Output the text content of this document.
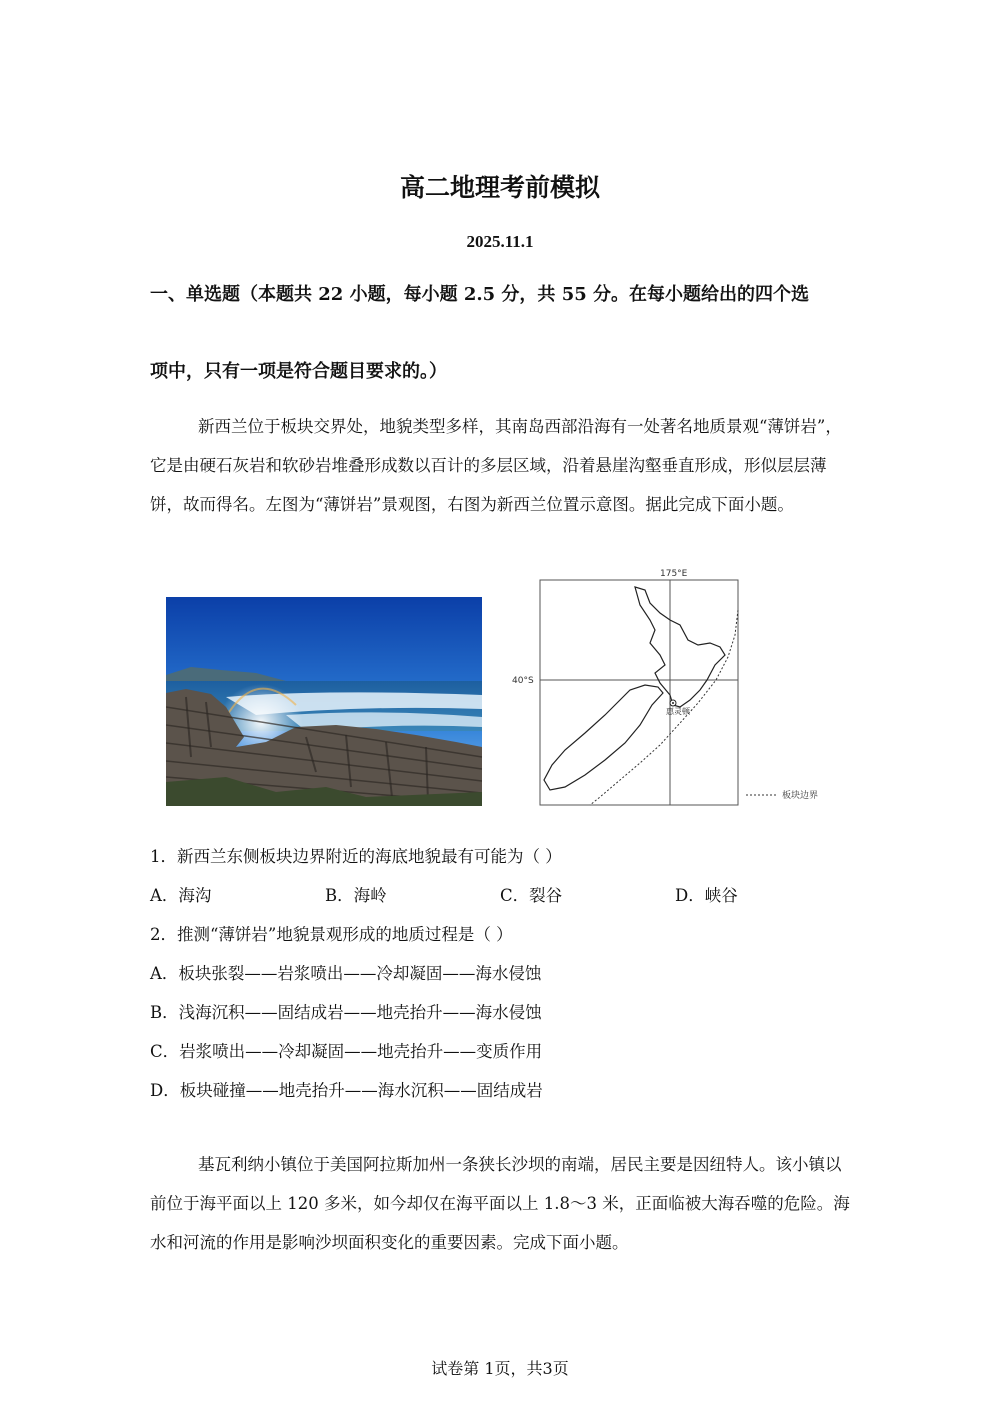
高二地理考前模拟
2025.11.1
一、单选题（本题共 22 小题，每小题 2.5 分，共 55 分。在每小题给出的四个选
项中，只有一项是符合题目要求的。）

新西兰位于板块交界处，地貌类型多样，其南岛西部沿海有一处著名地质景观“薄饼岩”，它是由硬石灰岩和软砂岩堆叠形成数以百计的多层区域，沿着悬崖沟壑垂直形成，形似层层薄饼，故而得名。左图为“薄饼岩”景观图，右图为新西兰位置示意图。据此完成下面小题。

175°E
40°S
惠灵顿
板块边界
1．新西兰东侧板块边界附近的海底地貌最有可能为（ ）
A．海沟	B．海岭	C．裂谷	D．峡谷
2．推测“薄饼岩”地貌景观形成的地质过程是（ ）
A．板块张裂——岩浆喷出——冷却凝固——海水侵蚀
B．浅海沉积——固结成岩——地壳抬升——海水侵蚀
C．岩浆喷出——冷却凝固——地壳抬升——变质作用
D．板块碰撞——地壳抬升——海水沉积——固结成岩

基瓦利纳小镇位于美国阿拉斯加州一条狭长沙坝的南端，居民主要是因纽特人。该小镇以前位于海平面以上 120 多米，如今却仅在海平面以上 1.8～3 米，正面临被大海吞噬的危险。海水和河流的作用是影响沙坝面积变化的重要因素。完成下面小题。

试卷第 1页，共3页
